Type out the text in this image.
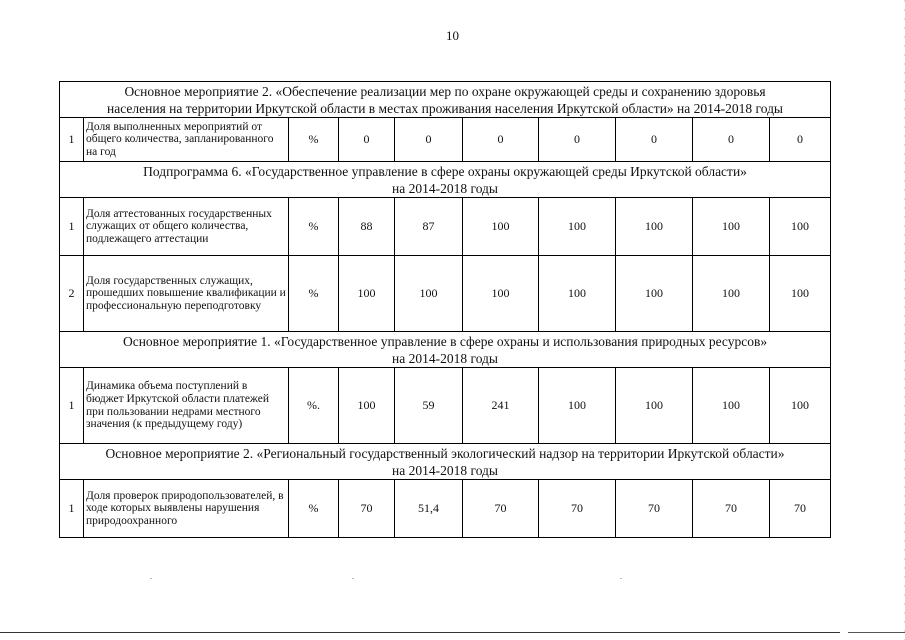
10
Основное мероприятие 2. «Обеспечение реализации мер по охране окружающей среды и сохранению здоровья
населения на территории Иркутской области в местах проживания населения Иркутской области» на 2014-2018 годы									

1	Доля выполненных мероприятий от общего количества, запланированного на год	%	0	0	0	0	0	0	0

Подпрограмма 6. «Государственное управление в сфере охраны окружающей среды Иркутской области»
на 2014-2018 годы									

1	Доля аттестованных государственных служащих от общего количества, подлежащего аттестации	%	88	87	100	100	100	100	100
2	Доля государственных служащих, прошедших повышение квалификации и профессиональную переподготовку	%	100	100	100	100	100	100	100

Основное мероприятие 1. «Государственное управление в сфере охраны и использования природных ресурсов»
на 2014-2018 годы									

1	Динамика объема поступлений в бюджет Иркутской области платежей при пользовании недрами местного значения (к предыдущему году)	%.	100	59	241	100	100	100	100

Основное мероприятие 2. «Региональный государственный экологический надзор на территории Иркутской области»
на 2014-2018 годы									

1	Доля проверок природопользователей, в ходе которых выявлены нарушения природоохранного	%	70	51,4	70	70	70	70	70
